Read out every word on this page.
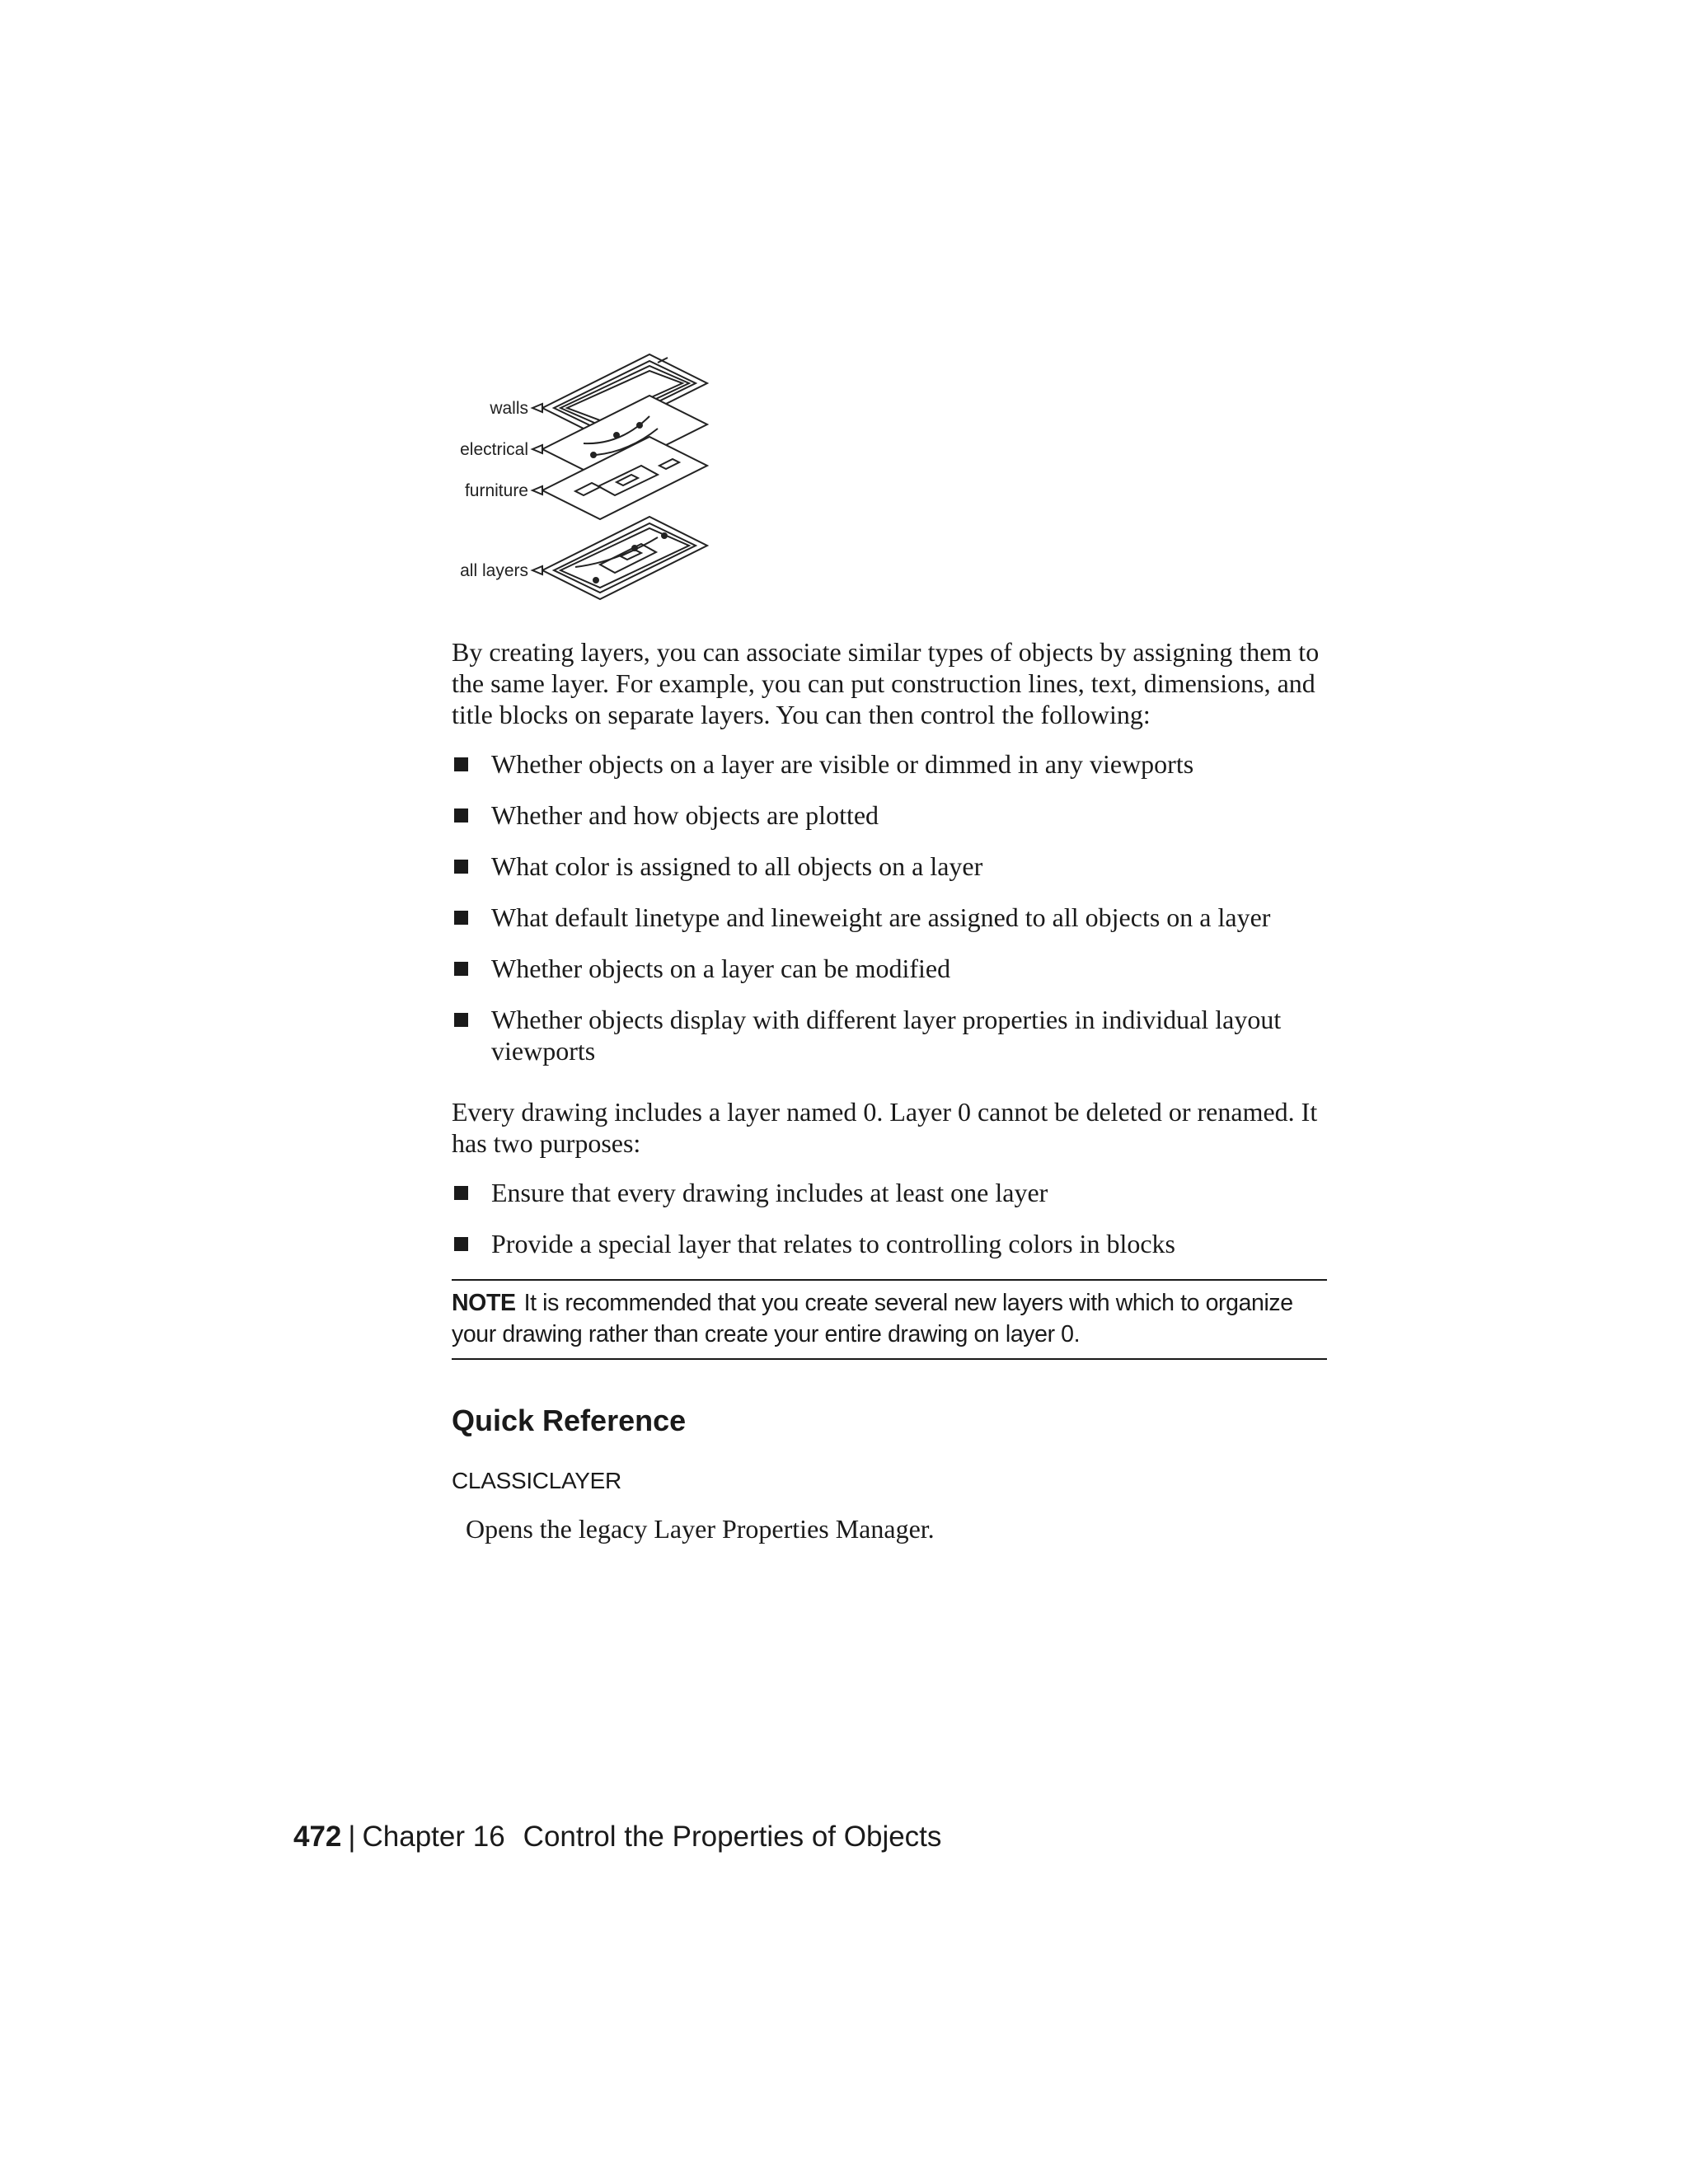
walls
electrical
furniture
all layers

By creating layers, you can associate similar types of objects by assigning them to the same layer. For example, you can put construction lines, text, dimensions, and title blocks on separate layers. You can then control the following:

Whether objects on a layer are visible or dimmed in any viewports
Whether and how objects are plotted
What color is assigned to all objects on a layer
What default linetype and lineweight are assigned to all objects on a layer
Whether objects on a layer can be modified
Whether objects display with different layer properties in individual layout viewports

Every drawing includes a layer named 0. Layer 0 cannot be deleted or renamed. It has two purposes:

Ensure that every drawing includes at least one layer
Provide a special layer that relates to controlling colors in blocks
NOTE It is recommended that you create several new layers with which to organize your drawing rather than create your entire drawing on layer 0.
Quick Reference
CLASSICLAYER
Opens the legacy Layer Properties Manager.
472 | Chapter 16 Control the Properties of Objects
